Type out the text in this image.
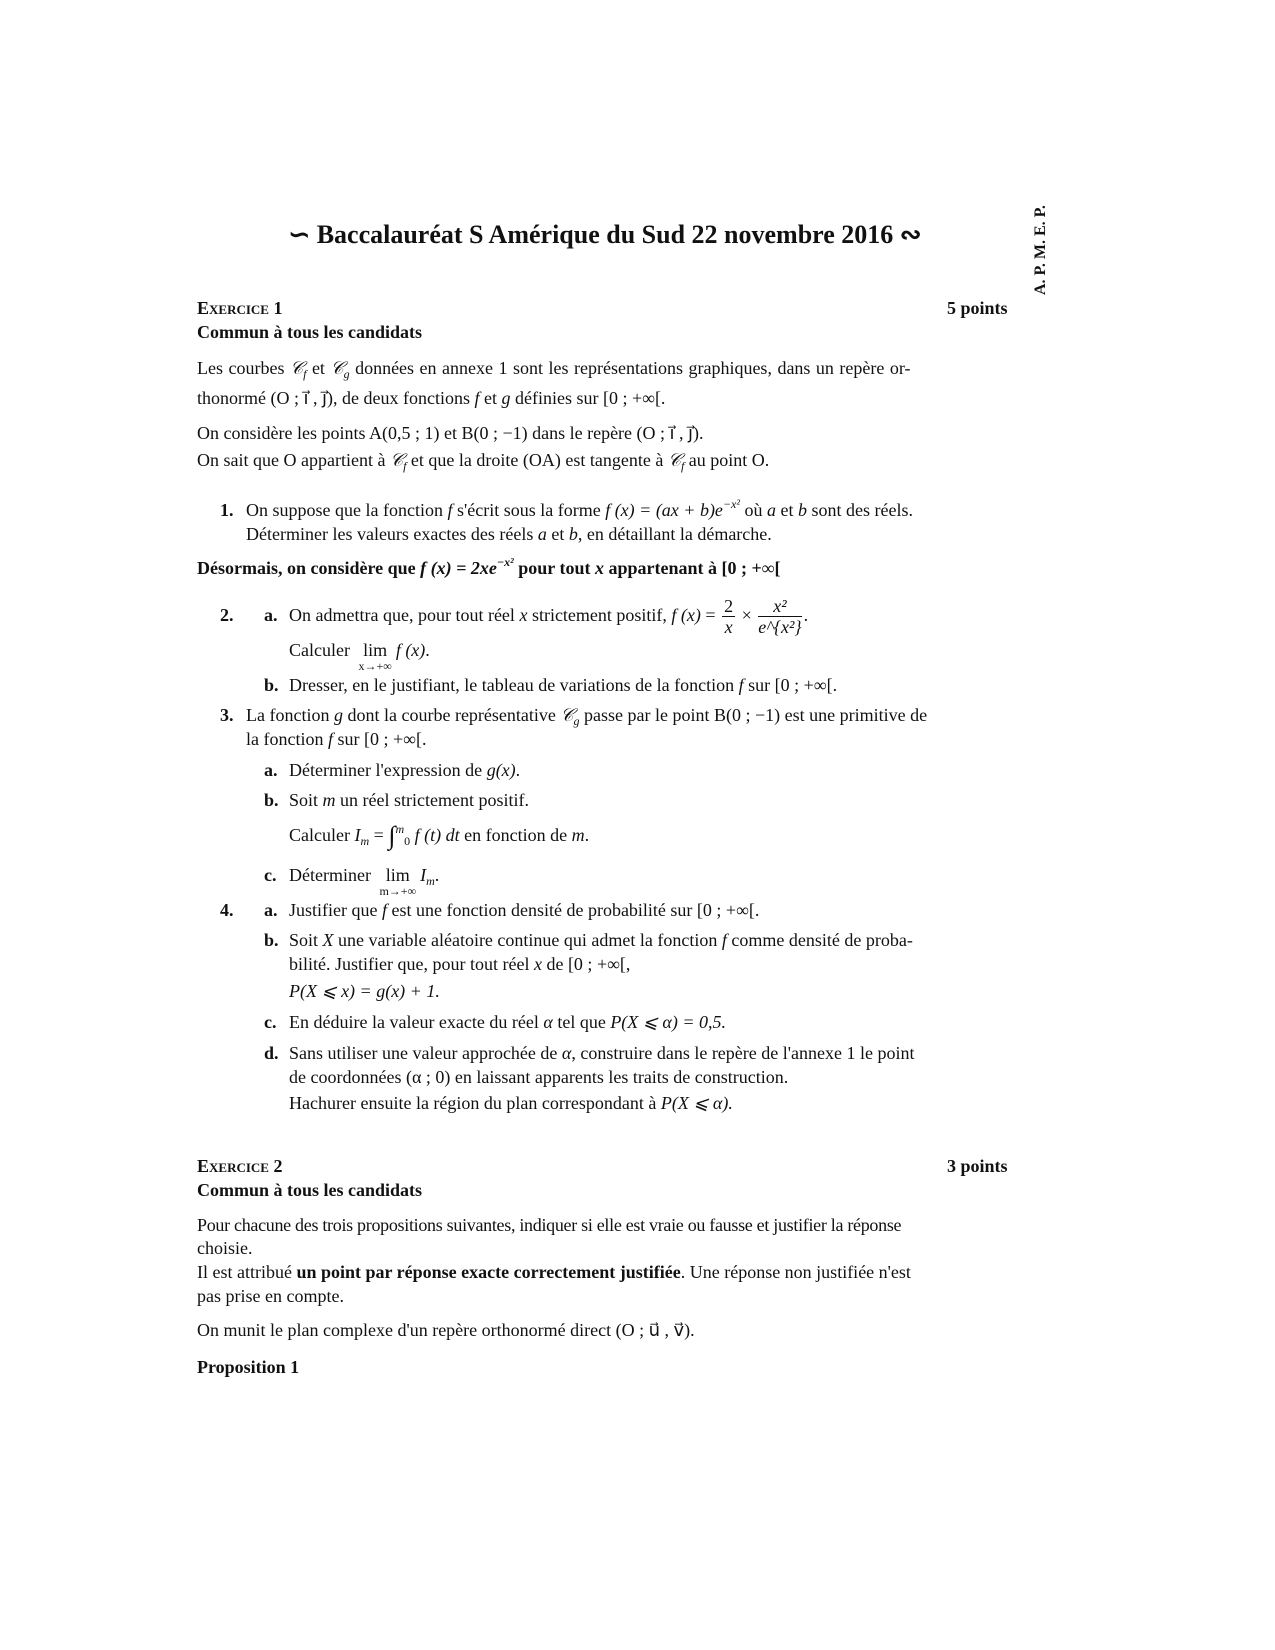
∽ Baccalauréat S Amérique du Sud 22 novembre 2016 ∾	A. P. M. E. P.
Exercice 1	5 points
Commun à tous les candidats
Les courbes 𝒞$_f$ et 𝒞$_g$ données en annexe 1 sont les représentations graphiques, dans un repère or-
thonormé (O ; i⃗ , j⃗), de deux fonctions f et g définies sur [0 ; +∞[.
On considère les points A(0,5 ; 1) et B(0 ; −1) dans le repère (O ; i⃗ , j⃗).
On sait que O appartient à 𝒞$_f$ et que la droite (OA) est tangente à 𝒞$_f$ au point O.
1. On suppose que la fonction f s'écrit sous la forme f $(x) = (ax + b)e^{-x^2}$ où a et b sont des réels.
Déterminer les valeurs exactes des réels a et b, en détaillant la démarche.
Désormais, on considère que f $(x) = 2xe^{-x^2}$ pour tout x appartenant à [0 ; +∞[
2. a. On admettra que, pour tout réel x strictement positif, f $(x) = \frac{2}{x} \times \frac{\text{x²}}{\text{e\textasciicircum{}\{x²\}}}$ .
Calculer lim
x→+∞
f (x).
b. Dresser, en le justifiant, le tableau de variations de la fonction f sur [0 ; +∞[.
3. La fonction g dont la courbe représentative 𝒞$_g$ passe par le point B(0 ; −1) est une primitive de
la fonction f sur [0 ; +∞[.
a. Déterminer l'expression de g(x).
b. Soit m un réel strictement positif.
Calculer $I_m = \int^m_0$ f (t) dt en fonction de m.
c. Déterminer lim
m→+∞
$I_m$.
4. a. Justifier que f est une fonction densité de probabilité sur [0 ; +∞[.
b. Soit X une variable aléatoire continue qui admet la fonction f comme densité de proba-
bilité. Justifier que, pour tout réel x de [0 ; +∞[,
P(X ⩽ x) = g(x) + 1.
c. En déduire la valeur exacte du réel α tel que P(X ⩽ α) = 0,5.
d. Sans utiliser une valeur approchée de α, construire dans le repère de l'annexe 1 le point
de coordonnées (α ; 0) en laissant apparents les traits de construction.
Hachurer ensuite la région du plan correspondant à P(X ⩽ α).
Exercice 2	3 points
Commun à tous les candidats
Pour chacune des trois propositions suivantes, indiquer si elle est vraie ou fausse et justifier la réponse
choisie.
Il est attribué un point par réponse exacte correctement justifiée. Une réponse non justifiée n'est
pas prise en compte.
On munit le plan complexe d'un repère orthonormé direct (O ; u⃗ , v⃗).
Proposition 1
